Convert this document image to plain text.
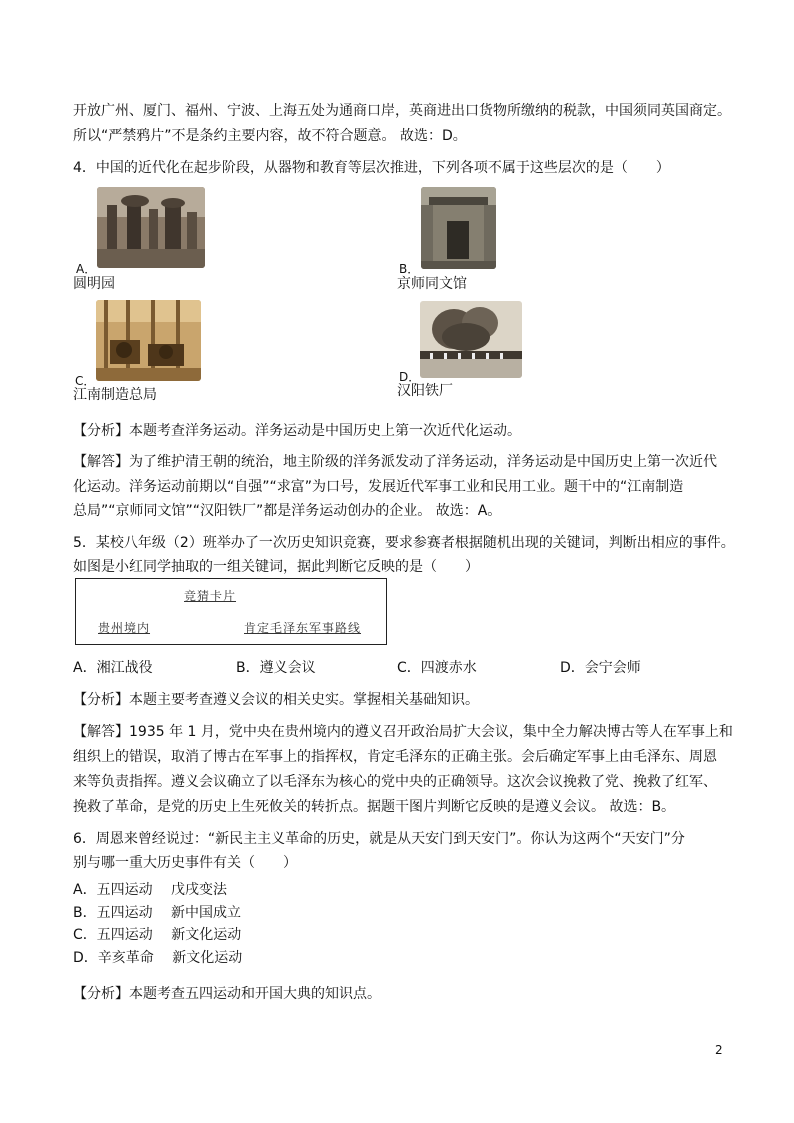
开放广州、厦门、福州、宁波、上海五处为通商口岸，英商进出口货物所缴纳的税款，中国须同英国商定。
所以“严禁鸦片”不是条约主要内容，故不符合题意。 故选：D。
4．中国的近代化在起步阶段，从器物和教育等层次推进，下列各项不属于这些层次的是（　　）
A．
圆明园
B．
京师同文馆
C．
江南制造总局
D．
汉阳铁厂
【分析】本题考查洋务运动。洋务运动是中国历史上第一次近代化运动。
【解答】为了维护清王朝的统治，地主阶级的洋务派发动了洋务运动，洋务运动是中国历史上第一次近代
化运动。洋务运动前期以“自强”“求富”为口号，发展近代军事工业和民用工业。题干中的“江南制造
总局”“京师同文馆”“汉阳铁厂”都是洋务运动创办的企业。 故选：A。
5．某校八年级（2）班举办了一次历史知识竞赛，要求参赛者根据随机出现的关键词，判断出相应的事件。
如图是小红同学抽取的一组关键词，据此判断它反映的是（　　）
竞猜卡片
贵州境内	肯定毛泽东军事路线
A．湘江战役	B．遵义会议	C．四渡赤水	D．会宁会师
【分析】本题主要考查遵义会议的相关史实。掌握相关基础知识。
【解答】1935 年 1 月，党中央在贵州境内的遵义召开政治局扩大会议，集中全力解决博古等人在军事上和
组织上的错误，取消了博古在军事上的指挥权，肯定毛泽东的正确主张。会后确定军事上由毛泽东、周恩
来等负责指挥。遵义会议确立了以毛泽东为核心的党中央的正确领导。这次会议挽救了党、挽救了红军、
挽救了革命，是党的历史上生死攸关的转折点。据题干图片判断它反映的是遵义会议。 故选：B。
6．周恩来曾经说过：“新民主主义革命的历史，就是从天安门到天安门”。你认为这两个“天安门”分
别与哪一重大历史事件有关（　　）
A．五四运动　 戊戌变法
B．五四运动　 新中国成立
C．五四运动　 新文化运动
D．辛亥革命　 新文化运动
【分析】本题考查五四运动和开国大典的知识点。
2
